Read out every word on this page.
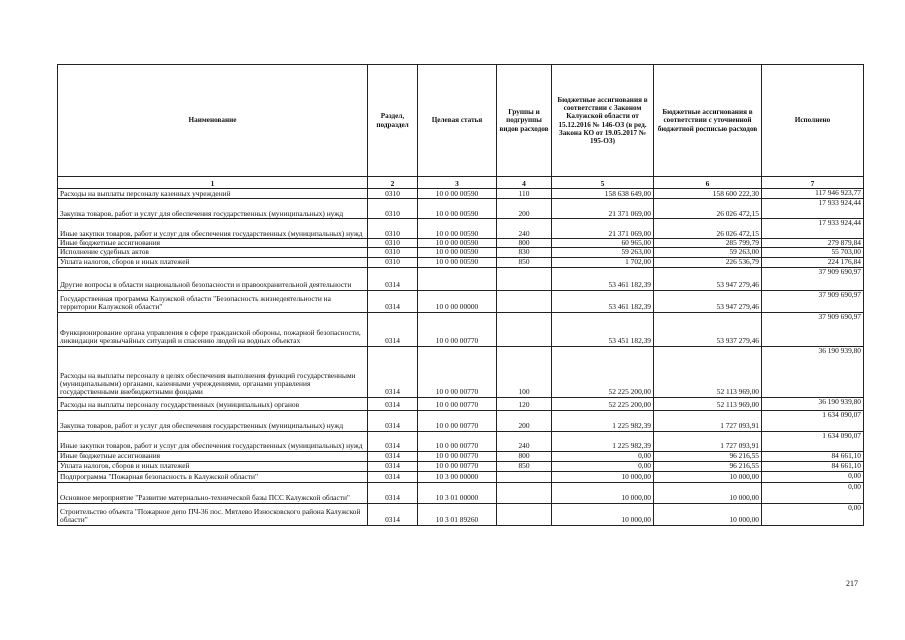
Наименование	Раздел, подраздел	Целевая статья	Группы и подгруппы видов расходов	Бюджетные ассигнования в соответствии с Законом Калужской области от 15.12.2016 № 146-ОЗ (в ред. Закона КО от 19.05.2017 № 195-ОЗ)	Бюджетные ассигнования в соответствии с уточненной бюджетной росписью расходов	Исполнено
1	2	3	4	5	6	7
Расходы на выплаты персоналу казенных учреждений	0310	10 0 00 00590	110	158 638 649,00	158 600 222,30	117 946 923,77
Закупка товаров, работ и услуг для обеспечения государственных (муниципальных) нужд	0310	10 0 00 00590	200	21 371 069,00	26 026 472,15	17 933 924,44
Иные закупки товаров, работ и услуг для обеспечения государственных (муниципальных) нужд	0310	10 0 00 00590	240	21 371 069,00	26 026 472,15	17 933 924,44
Иные бюджетные ассигнования	0310	10 0 00 00590	800	60 965,00	285 799,79	279 879,84
Исполнение судебных актов	0310	10 0 00 00590	830	59 263,00	59 263,00	55 703,00
Уплата налогов, сборов и иных платежей	0310	10 0 00 00590	850	1 702,00	226 536,79	224 176,84
Другие вопросы в области национальной безопасности и правоохранительной деятельности	0314			53 461 182,39	53 947 279,46	37 909 690,97
Государственная программа Калужской области "Безопасность жизнедеятельности на территории Калужской области"	0314	10 0 00 00000		53 461 182,39	53 947 279,46	37 909 690,97
Функционирование органа управления в сфере гражданской обороны, пожарной безопасности, ликвидации чрезвычайных ситуаций и спасению людей на водных объектах	0314	10 0 00 00770		53 451 182,39	53 937 279,46	37 909 690,97
Расходы на выплаты персоналу в целях обеспечения выполнения функций государственными (муниципальными) органами, казенными учреждениями, органами управления государственными внебюджетными фондами	0314	10 0 00 00770	100	52 225 200,00	52 113 969,00	36 190 939,80
Расходы на выплаты персоналу государственных (муниципальных) органов	0314	10 0 00 00770	120	52 225 200,00	52 113 969,00	36 190 939,80
Закупка товаров, работ и услуг для обеспечения государственных (муниципальных) нужд	0314	10 0 00 00770	200	1 225 982,39	1 727 093,91	1 634 090,07
Иные закупки товаров, работ и услуг для обеспечения государственных (муниципальных) нужд	0314	10 0 00 00770	240	1 225 982,39	1 727 093,91	1 634 090,07
Иные бюджетные ассигнования	0314	10 0 00 00770	800	0,00	96 216,55	84 661,10
Уплата налогов, сборов и иных платежей	0314	10 0 00 00770	850	0,00	96 216,55	84 661,10
Подпрограмма "Пожарная безопасность в Калужской области"	0314	10 3 00 00000		10 000,00	10 000,00	0,00
Основное мероприятие "Развитие материально-технической базы ПСС Калужской области"	0314	10 3 01 00000		10 000,00	10 000,00	0,00
Строительство объекта "Пожарное депо ПЧ-36 пос. Мятлево Износковского района Калужской области"	0314	10 3 01 89260		10 000,00	10 000,00	0,00
217
